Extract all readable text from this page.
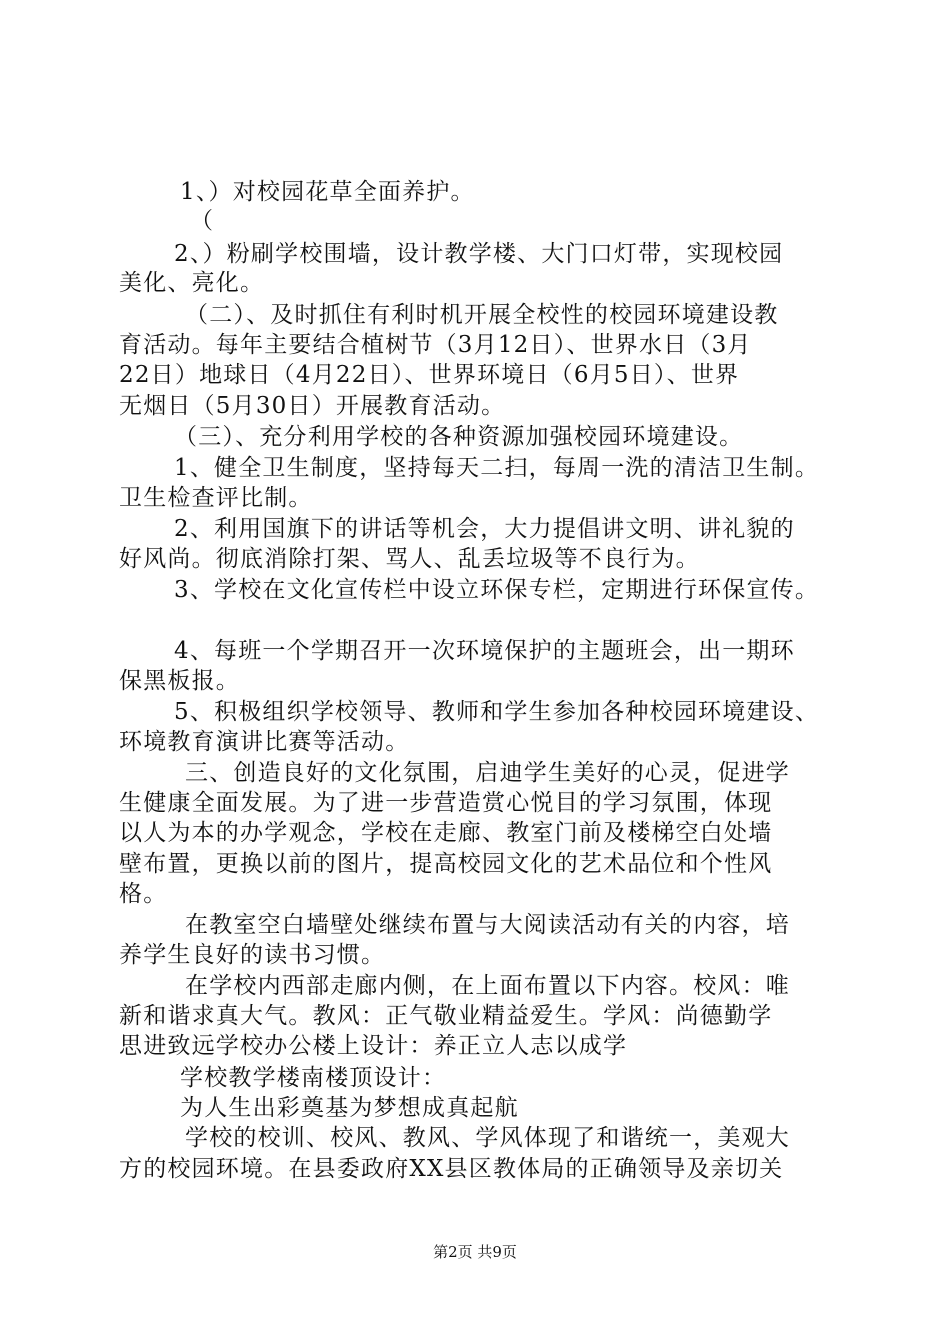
1、）对校园花草全面养护。
（
2、）粉刷学校围墙，设计教学楼、大门口灯带，实现校园
美化、亮化。
（二）、及时抓住有利时机开展全校性的校园环境建设教
育活动。每年主要结合植树节（3月12日）、世界水日（3月
22日）地球日（4月22日）、世界环境日（6月5日）、世界
无烟日（5月30日）开展教育活动。
（三）、充分利用学校的各种资源加强校园环境建设。
1、健全卫生制度，坚持每天二扫，每周一洗的清洁卫生制。
卫生检查评比制。
2、利用国旗下的讲话等机会，大力提倡讲文明、讲礼貌的
好风尚。彻底消除打架、骂人、乱丢垃圾等不良行为。
3、学校在文化宣传栏中设立环保专栏，定期进行环保宣传。
4、每班一个学期召开一次环境保护的主题班会，出一期环
保黑板报。
5、积极组织学校领导、教师和学生参加各种校园环境建设、
环境教育演讲比赛等活动。
三、创造良好的文化氛围，启迪学生美好的心灵，促进学
生健康全面发展。为了进一步营造赏心悦目的学习氛围，体现
以人为本的办学观念，学校在走廊、教室门前及楼梯空白处墙
壁布置，更换以前的图片，提高校园文化的艺术品位和个性风
格。
在教室空白墙壁处继续布置与大阅读活动有关的内容，培
养学生良好的读书习惯。
在学校内西部走廊内侧，在上面布置以下内容。校风：唯
新和谐求真大气。教风：正气敬业精益爱生。学风：尚德勤学
思进致远学校办公楼上设计：养正立人志以成学
学校教学楼南楼顶设计：
为人生出彩奠基为梦想成真起航
学校的校训、校风、教风、学风体现了和谐统一，美观大
方的校园环境。在县委政府XX县区教体局的正确领导及亲切关
第2页 共9页
